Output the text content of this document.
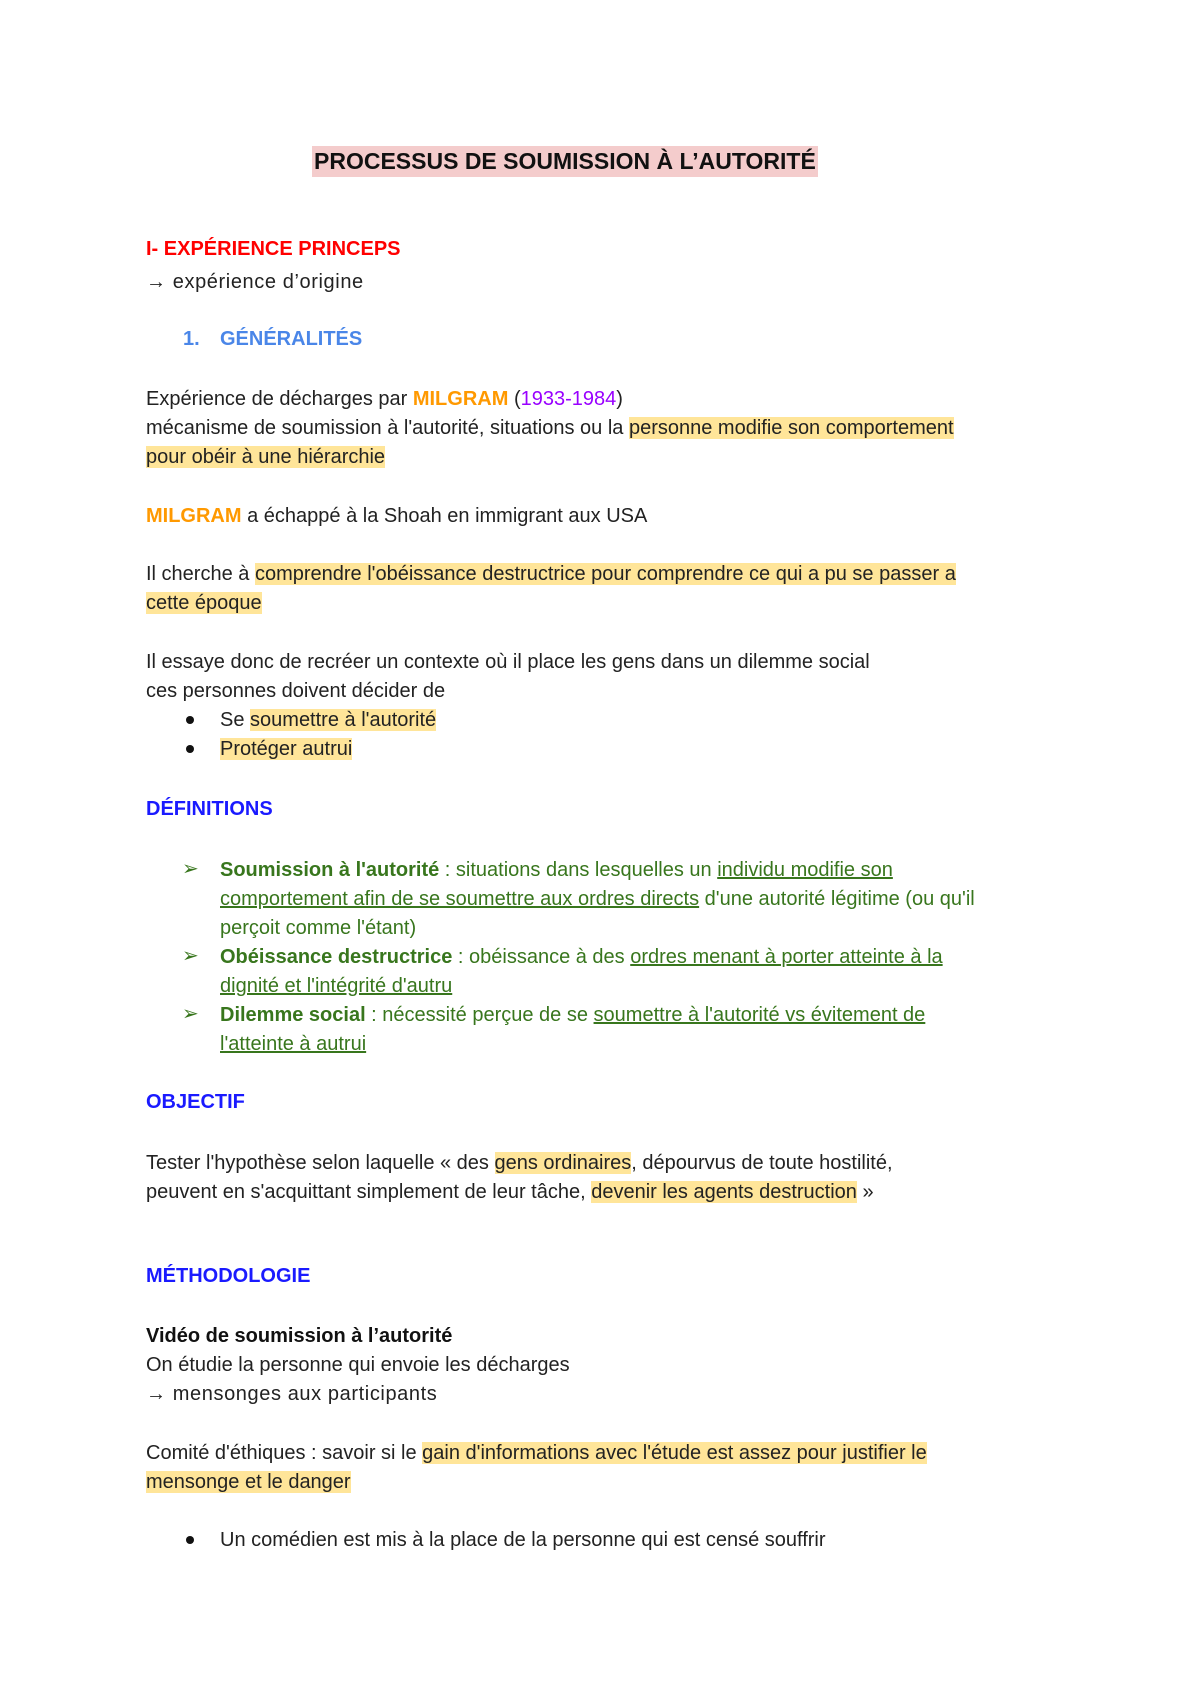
PROCESSUS DE SOUMISSION À L’AUTORITÉ
I- EXPÉRIENCE PRINCEPS
→ expérience d’origine
1. GÉNÉRALITÉS
Expérience de décharges par MILGRAM (1933-1984)
mécanisme de soumission à l'autorité, situations ou la personne modifie son comportement
pour obéir à une hiérarchie
MILGRAM a échappé à la Shoah en immigrant aux USA
Il cherche à comprendre l'obéissance destructrice pour comprendre ce qui a pu se passer a
cette époque
Il essaye donc de recréer un contexte où il place les gens dans un dilemme social
ces personnes doivent décider de
Se soumettre à l'autorité
Protéger autrui
DÉFINITIONS
➢ Soumission à l'autorité : situations dans lesquelles un individu modifie son
comportement afin de se soumettre aux ordres directs d'une autorité légitime (ou qu'il
perçoit comme l'étant)
➢ Obéissance destructrice : obéissance à des ordres menant à porter atteinte à la
dignité et l'intégrité d'autru
➢ Dilemme social : nécessité perçue de se soumettre à l'autorité vs évitement de
l'atteinte à autrui
OBJECTIF
Tester l'hypothèse selon laquelle « des gens ordinaires, dépourvus de toute hostilité,
peuvent en s'acquittant simplement de leur tâche, devenir les agents destruction »
MÉTHODOLOGIE
Vidéo de soumission à l’autorité
On étudie la personne qui envoie les décharges
→ mensonges aux participants
Comité d'éthiques : savoir si le gain d'informations avec l'étude est assez pour justifier le
mensonge et le danger
Un comédien est mis à la place de la personne qui est censé souffrir
